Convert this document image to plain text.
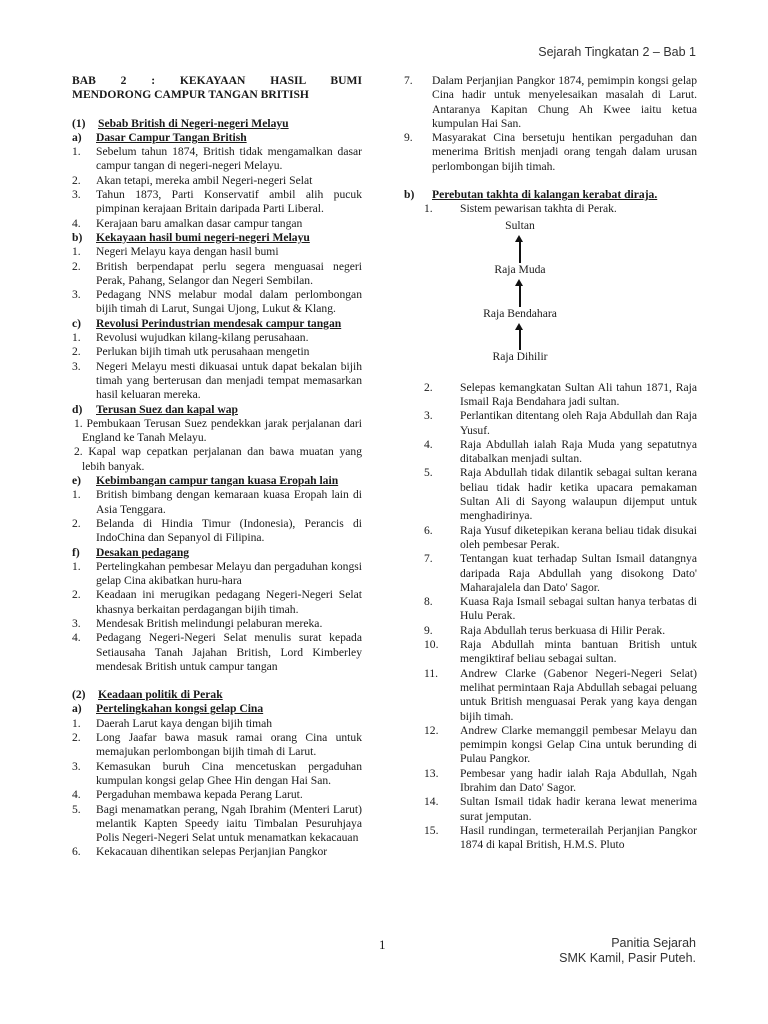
Sejarah Tingkatan 2 – Bab 1
BAB 2 : KEKAYAAN HASIL BUMI
MENDORONG CAMPUR TANGAN BRITISH
(1)	Sebab British di Negeri-negeri Melayu
a)	Dasar Campur Tangan British
1.	Sebelum tahun 1874, British tidak mengamalkan dasar campur tangan di negeri-negeri Melayu.
2.	Akan tetapi, mereka ambil Negeri-negeri Selat
3.	Tahun 1873, Parti Konservatif ambil alih pucuk pimpinan kerajaan Britain daripada Parti Liberal.
4.	Kerajaan baru amalkan dasar campur tangan
b)	Kekayaan hasil bumi negeri-negeri Melayu
1.	Negeri Melayu kaya dengan hasil bumi
2.	British berpendapat perlu segera menguasai negeri Perak, Pahang, Selangor dan Negeri Sembilan.
3.	Pedagang NNS melabur modal dalam perlombongan bijih timah di Larut, Sungai Ujong, Lukut & Klang.
c)	Revolusi Perindustrian mendesak campur tangan
1.	Revolusi wujudkan kilang-kilang perusahaan.
2.	Perlukan bijih timah utk perusahaan mengetin
3.	Negeri Melayu mesti dikuasai untuk dapat bekalan bijih timah yang berterusan dan menjadi tempat memasarkan hasil keluaran mereka.
d)	Terusan Suez dan kapal wap
1. Pembukaan Terusan Suez pendekkan jarak perjalanan dari England ke Tanah Melayu.
2. Kapal wap cepatkan perjalanan dan bawa muatan yang lebih banyak.
e)	Kebimbangan campur tangan kuasa Eropah lain
1.	British bimbang dengan kemaraan kuasa Eropah lain di Asia Tenggara.
2.	Belanda di Hindia Timur (Indonesia), Perancis di IndoChina dan Sepanyol di Filipina.
f)	Desakan pedagang
1.	Pertelingkahan pembesar Melayu dan pergaduhan kongsi gelap Cina akibatkan huru-hara
2.	Keadaan ini merugikan pedagang Negeri-Negeri Selat khasnya berkaitan perdagangan bijih timah.
3.	Mendesak British melindungi pelaburan mereka.
4.	Pedagang Negeri-Negeri Selat menulis surat kepada Setiausaha Tanah Jajahan British, Lord Kimberley mendesak British untuk campur tangan
(2)	Keadaan politik di Perak
a)	Pertelingkahan kongsi gelap Cina
1.	Daerah Larut kaya dengan bijih timah
2.	Long Jaafar bawa masuk ramai orang Cina untuk memajukan perlombongan bijih timah di Larut.
3.	Kemasukan buruh Cina mencetuskan pergaduhan kumpulan kongsi gelap Ghee Hin dengan Hai San.
4.	Pergaduhan membawa kepada Perang Larut.
5.	Bagi menamatkan perang, Ngah Ibrahim (Menteri Larut) melantik Kapten Speedy iaitu Timbalan Pesuruhjaya Polis Negeri-Negeri Selat untuk menamatkan kekacauan
6.	Kekacauan dihentikan selepas Perjanjian Pangkor
7.	Dalam Perjanjian Pangkor 1874, pemimpin kongsi gelap Cina hadir untuk menyelesaikan masalah di Larut. Antaranya Kapitan Chung Ah Kwee iaitu ketua kumpulan Hai San.
9.	Masyarakat Cina bersetuju hentikan pergaduhan dan menerima British menjadi orang tengah dalam urusan perlombongan bijih timah.
b)	Perebutan takhta di kalangan kerabat diraja.
1.	Sistem pewarisan takhta di Perak.
Sultan
Raja Muda
Raja Bendahara
Raja Dihilir
2.	Selepas kemangkatan Sultan Ali tahun 1871, Raja Ismail Raja Bendahara jadi sultan.
3.	Perlantikan ditentang oleh Raja Abdullah dan Raja Yusuf.
4.	Raja Abdullah ialah Raja Muda yang sepatutnya ditabalkan menjadi sultan.
5.	Raja Abdullah tidak dilantik sebagai sultan kerana beliau tidak hadir ketika upacara pemakaman Sultan Ali di Sayong walaupun dijemput untuk menghadirinya.
6.	Raja Yusuf diketepikan kerana beliau tidak disukai oleh pembesar Perak.
7.	Tentangan kuat terhadap Sultan Ismail datangnya daripada Raja Abdullah yang disokong Dato' Maharajalela dan Dato' Sagor.
8.	Kuasa Raja Ismail sebagai sultan hanya terbatas di Hulu Perak.
9.	Raja Abdullah terus berkuasa di Hilir Perak.
10.	Raja Abdullah minta bantuan British untuk mengiktiraf beliau sebagai sultan.
11.	Andrew Clarke (Gabenor Negeri-Negeri Selat) melihat permintaan Raja Abdullah sebagai peluang untuk British menguasai Perak yang kaya dengan bijih timah.
12.	Andrew Clarke memanggil pembesar Melayu dan pemimpin kongsi Gelap Cina untuk berunding di Pulau Pangkor.
13.	Pembesar yang hadir ialah Raja Abdullah, Ngah Ibrahim dan Dato' Sagor.
14.	Sultan Ismail tidak hadir kerana lewat menerima surat jemputan.
15.	Hasil rundingan, termeterailah Perjanjian Pangkor 1874 di kapal British, H.M.S. Pluto
1	Panitia Sejarah
SMK Kamil, Pasir Puteh.
